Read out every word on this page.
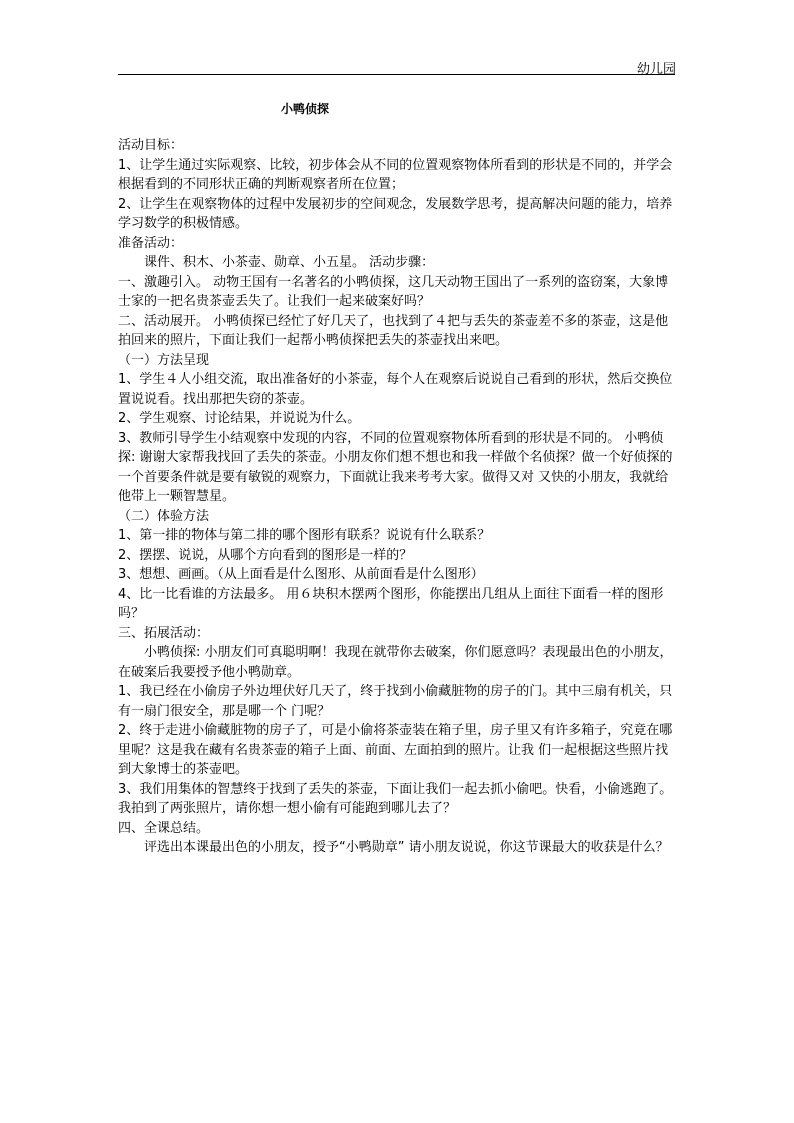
幼儿园
小鸭侦探

活动目标：

1、让学生通过实际观察、比较，初步体会从不同的位置观察物体所看到的形状是不同的，并学会根据看到的不同形状正确的判断观察者所在位置；

2、让学生在观察物体的过程中发展初步的空间观念，发展数学思考，提高解决问题的能力，培养学习数学的积极情感。

准备活动：

课件、积木、小茶壶、勋章、小五星。 活动步骤：

一、激趣引入。 动物王国有一名著名的小鸭侦探，这几天动物王国出了一系列的盗窃案，大象博士家的一把名贵茶壶丢失了。让我们一起来破案好吗？

二、活动展开。 小鸭侦探已经忙了好几天了，也找到了４把与丢失的茶壶差不多的茶壶，这是他拍回来的照片，下面让我们一起帮小鸭侦探把丢失的茶壶找出来吧。

（一）方法呈现

1、学生４人小组交流，取出准备好的小茶壶，每个人在观察后说说自己看到的形状，然后交换位置说说看。找出那把失窃的茶壶。

2、学生观察、讨论结果，并说说为什么。

3、教师引导学生小结观察中发现的内容，不同的位置观察物体所看到的形状是不同的。 小鸭侦探: 谢谢大家帮我找回了丢失的茶壶。小朋友你们想不想也和我一样做个名侦探？做一个好侦探的一个首要条件就是要有敏锐的观察力，下面就让我来考考大家。做得又对 又快的小朋友，我就给他带上一颗智慧星。

（二）体验方法

1、第一排的物体与第二排的哪个图形有联系？说说有什么联系？

2、摆摆、说说，从哪个方向看到的图形是一样的？

3、想想、画画。（从上面看是什么图形、从前面看是什么图形）

4、比一比看谁的方法最多。 用６块积木摆两个图形，你能摆出几组从上面往下面看一样的图形吗？

三、拓展活动：

小鸭侦探: 小朋友们可真聪明啊！我现在就带你去破案，你们愿意吗？表现最出色的小朋友，在破案后我要授予他小鸭勋章。

1、我已经在小偷房子外边埋伏好几天了，终于找到小偷藏脏物的房子的门。其中三扇有机关，只有一扇门很安全，那是哪一个 门呢？

2、终于走进小偷藏脏物的房子了，可是小偷将茶壶装在箱子里，房子里又有许多箱子，究竟在哪里呢？这是我在藏有名贵茶壶的箱子上面、前面、左面拍到的照片。让我 们一起根据这些照片找到大象博士的茶壶吧。

3、我们用集体的智慧终于找到了丢失的茶壶，下面让我们一起去抓小偷吧。快看，小偷逃跑了。我拍到了两张照片，请你想一想小偷有可能跑到哪儿去了？

四、全课总结。

评选出本课最出色的小朋友，授予“小鸭勋章” 请小朋友说说，你这节课最大的收获是什么？
